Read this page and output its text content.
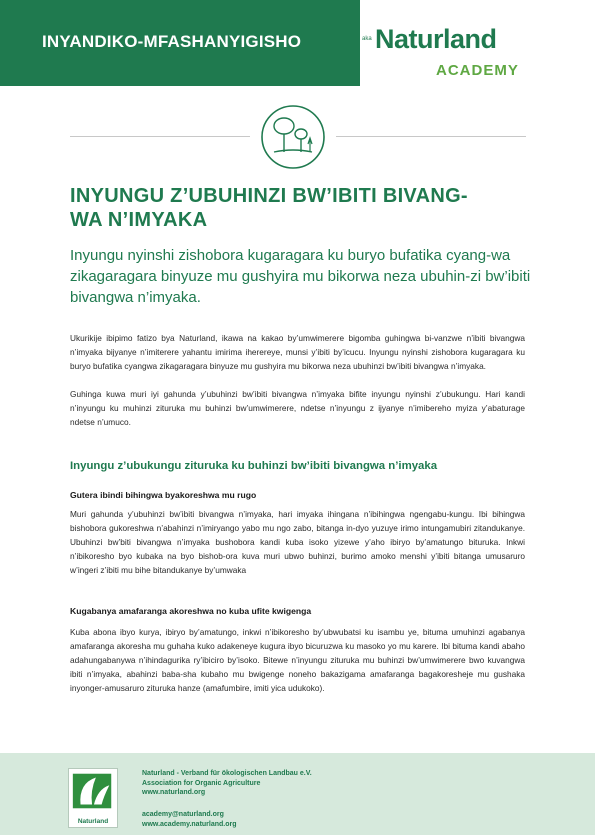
INYANDIKO-MFASHANYIGISHO	aka Naturland
ACADEMY
INYUNGU Z’UBUHINZI BW’IBITI BIVANG-
WA N’IMYAKA
Inyungu nyinshi zishobora kugaragara ku buryo bufatika cyang-wa zikagaragara binyuze mu gushyira mu bikorwa neza ubuhin-zi bw’ibiti bivangwa n’imyaka.
Ukurikije ibipimo fatizo bya Naturland, ikawa na kakao by’umwimerere bigomba guhingwa bi-vanzwe n’ibiti bivangwa n’imyaka bijyanye n’imiterere yahantu imirima iherereye, munsi y’ibiti by’icucu. Inyungu nyinshi zishobora kugaragara ku buryo bufatika cyangwa zikagaragara binyuze mu gushyira mu bikorwa neza ubuhinzi bw’ibiti bivangwa n’imyaka.
Guhinga kuwa muri iyi gahunda y’ubuhinzi bw’ibiti bivangwa n’imyaka bifite inyungu nyinshi z’ubukungu. Hari kandi n’inyungu ku muhinzi zituruka mu buhinzi bw’umwimerere, ndetse n’inyungu z ijyanye n’imibereho myiza y’abaturage ndetse n’umuco.
Inyungu z’ubukungu zituruka ku buhinzi bw’ibiti bivangwa n’imyaka
Gutera ibindi bihingwa byakoreshwa mu rugo
Muri gahunda y’ubuhinzi bw’ibiti bivangwa n’imyaka, hari imyaka ihingana n’ibihingwa ngengabu-kungu. Ibi bihingwa bishobora gukoreshwa n’abahinzi n’imiryango yabo mu ngo zabo, bitanga in-dyo yuzuye irimo intungamubiri zitandukanye. Ubuhinzi bw’biti bivangwa n’imyaka bushobora kandi kuba isoko yizewe y’aho ibiryo by’amatungo bituruka. Inkwi n’ibikoresho byo kubaka na byo bishob-ora kuva muri ubwo buhinzi, burimo amoko menshi y’ibiti bitanga umusaruro w’ingeri z’ibiti mu bihe bitandukanye by’umwaka
Kugabanya amafaranga akoreshwa no kuba ufite kwigenga
Kuba abona ibyo kurya, ibiryo by’amatungo, inkwi n’ibikoresho by’ubwubatsi ku isambu ye, bituma umuhinzi agabanya amafaranga akoresha mu guhaha kuko adakeneye kugura ibyo bicuruzwa ku masoko yo mu karere. Ibi bituma kandi abaho adahungabanywa n’ihindagurika ry’ibiciro by’isoko. Bitewe n’inyungu zituruka mu buhinzi bw’umwimerere bwo kuvangwa ibiti n’imyaka, abahinzi baba-sha kubaho mu bwigenge noneho bakazigama amafaranga bagakoresheje mu gushaka inyonger-amusaruro zituruka hanze (amafumbire, imiti yica udukoko).
Naturland
Naturland - Verband für ökologischen Landbau e.V.
Association for Organic Agriculture
www.naturland.org
academy@naturland.org
www.academy.naturland.org
